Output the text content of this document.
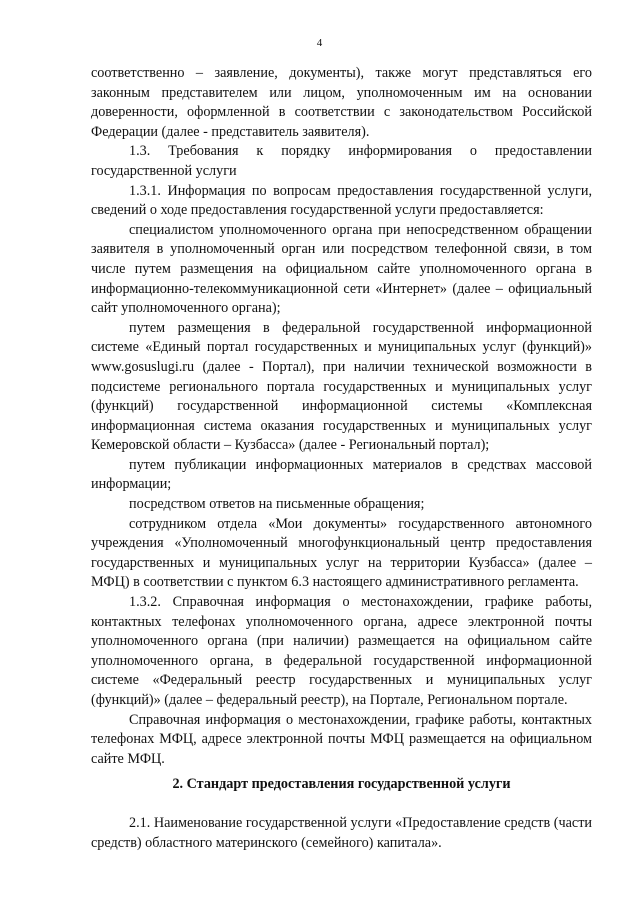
4

соответственно – заявление, документы), также могут представляться его законным представителем или лицом, уполномоченным им на основании доверенности, оформленной в соответствии с законодательством Российской Федерации (далее - представитель заявителя).

1.3. Требования к порядку информирования о предоставлении государственной услуги

1.3.1. Информация по вопросам предоставления государственной услуги, сведений о ходе предоставления государственной услуги предоставляется:

специалистом уполномоченного органа при непосредственном обращении заявителя в уполномоченный орган или посредством телефонной связи, в том числе путем размещения на официальном сайте уполномоченного органа в информационно-телекоммуникационной сети «Интернет» (далее – официальный сайт уполномоченного органа);

путем размещения в федеральной государственной информационной системе «Единый портал государственных и муниципальных услуг (функций)» www.gosuslugi.ru (далее - Портал), при наличии технической возможности в подсистеме регионального портала государственных и муниципальных услуг (функций) государственной информационной системы «Комплексная информационная система оказания государственных и муниципальных услуг Кемеровской области – Кузбасса» (далее - Региональный портал);

путем публикации информационных материалов в средствах массовой информации;

посредством ответов на письменные обращения;

сотрудником отдела «Мои документы» государственного автономного учреждения «Уполномоченный многофункциональный центр предоставления государственных и муниципальных услуг на территории Кузбасса» (далее – МФЦ) в соответствии с пунктом 6.3 настоящего административного регламента.

1.3.2. Справочная информация о местонахождении, графике работы, контактных телефонах уполномоченного органа, адресе электронной почты уполномоченного органа (при наличии) размещается на официальном сайте уполномоченного органа, в федеральной государственной информационной системе «Федеральный реестр государственных и муниципальных услуг (функций)» (далее – федеральный реестр), на Портале, Региональном портале.

Справочная информация о местонахождении, графике работы, контактных телефонах МФЦ, адресе электронной почты МФЦ размещается на официальном сайте МФЦ.

2. Стандарт предоставления государственной услуги

2.1. Наименование государственной услуги «Предоставление средств (части средств) областного материнского (семейного) капитала».
